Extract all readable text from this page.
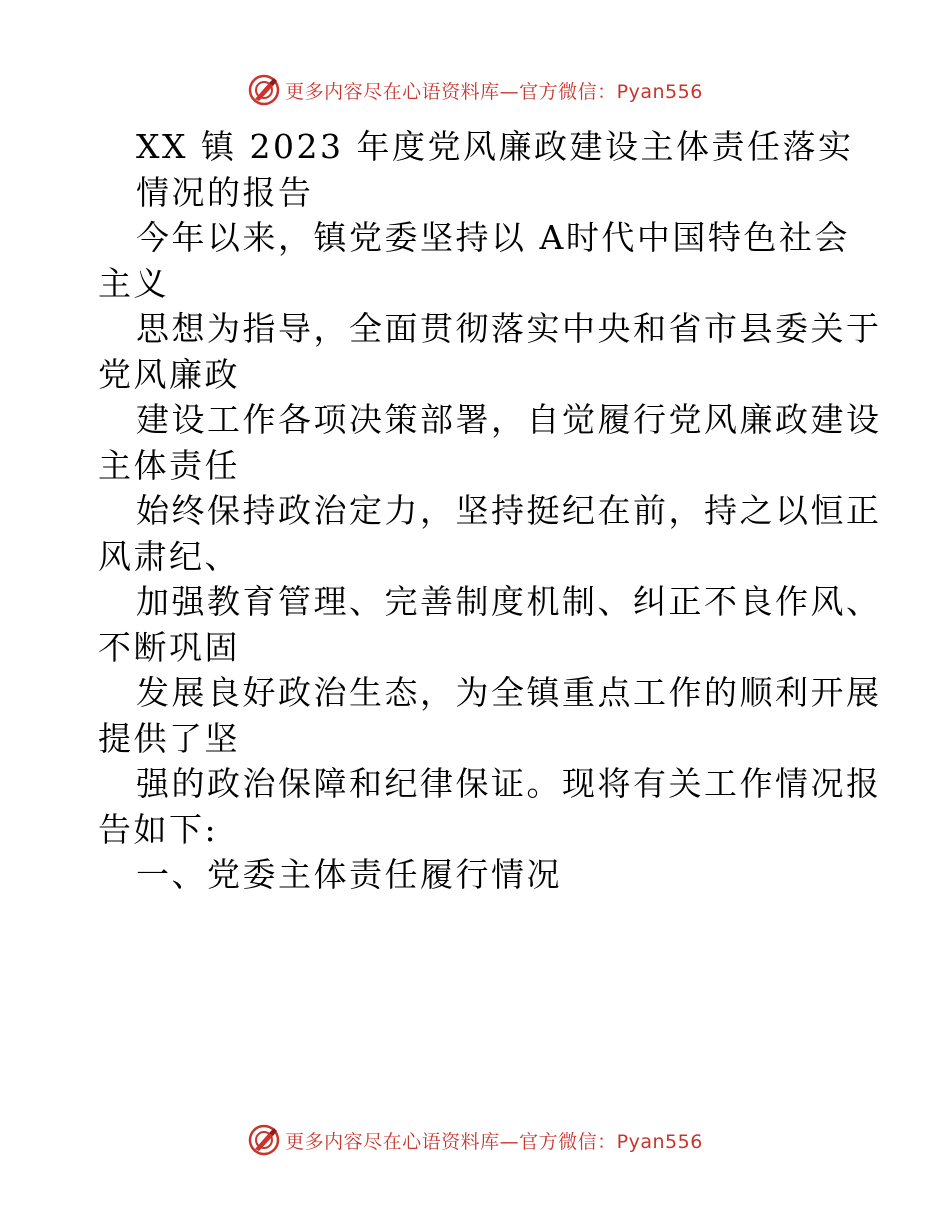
更多内容尽在心语资料库—官方微信：Pyan556
XX 镇 2023 年度党风廉政建设主体责任落实
情况的报告
今年以来，镇党委坚持以 A时代中国特色社会
主义
思想为指导，全面贯彻落实中央和省市县委关于
党风廉政
建设工作各项决策部署，自觉履行党风廉政建设
主体责任
始终保持政治定力，坚持挺纪在前，持之以恒正
风肃纪、
加强教育管理、完善制度机制、纠正不良作风、
不断巩固
发展良好政治生态，为全镇重点工作的顺利开展
提供了坚
强的政治保障和纪律保证。现将有关工作情况报
告如下:
一、党委主体责任履行情况
更多内容尽在心语资料库—官方微信：Pyan556
